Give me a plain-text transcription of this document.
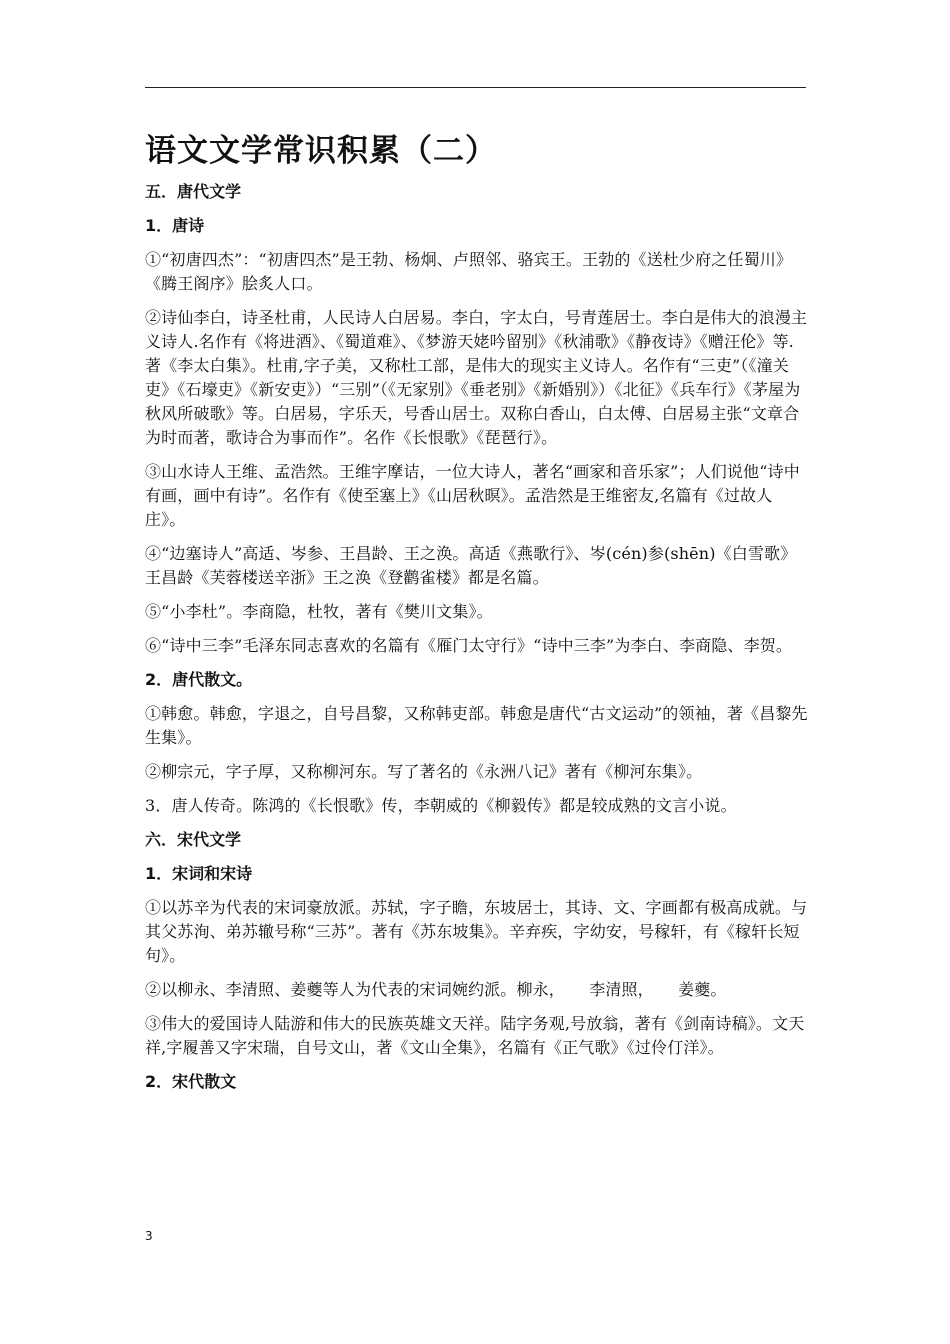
语文文学常识积累（二）
五．唐代文学
1．唐诗
①“初唐四杰”：“初唐四杰”是王勃、杨炯、卢照邻、骆宾王。王勃的《送杜少府之任蜀川》《腾王阁序》脍炙人口。
②诗仙李白，诗圣杜甫，人民诗人白居易。李白，字太白，号青莲居士。李白是伟大的浪漫主义诗人.名作有《将进酒》、《蜀道难》、《梦游天姥吟留别》《秋浦歌》《静夜诗》《赠汪伦》等.著《李太白集》。杜甫,字子美，又称杜工部，是伟大的现实主义诗人。名作有“三吏”（《潼关吏》《石壕吏》《新安吏》）“三别”（《无家别》《垂老别》《新婚别》）《北征》《兵车行》《茅屋为秋风所破歌》等。白居易，字乐天，号香山居士。双称白香山，白太傅、白居易主张“文章合为时而著，歌诗合为事而作”。名作《长恨歌》《琵琶行》。
③山水诗人王维、孟浩然。王维字摩诘，一位大诗人，著名“画家和音乐家”；人们说他“诗中有画，画中有诗”。名作有《使至塞上》《山居秋暝》。孟浩然是王维密友,名篇有《过故人庄》。
④“边塞诗人”高适、岑参、王昌龄、王之涣。高适《燕歌行》、岑(cén)参(shēn)《白雪歌》王昌龄《芙蓉楼送辛浙》王之涣《登鹳雀楼》都是名篇。
⑤“小李杜”。李商隐，杜牧，著有《樊川文集》。
⑥“诗中三李”毛泽东同志喜欢的名篇有《雁门太守行》“诗中三李”为李白、李商隐、李贺。
2．唐代散文。
①韩愈。韩愈，字退之，自号昌黎，又称韩吏部。韩愈是唐代“古文运动”的领袖，著《昌黎先生集》。
②柳宗元，字子厚，又称柳河东。写了著名的《永洲八记》著有《柳河东集》。
3．唐人传奇。陈鸿的《长恨歌》传，李朝威的《柳毅传》都是较成熟的文言小说。
六．宋代文学
1．宋词和宋诗
①以苏辛为代表的宋词豪放派。苏轼，字子瞻，东坡居士，其诗、文、字画都有极高成就。与其父苏洵、弟苏辙号称“三苏”。著有《苏东坡集》。辛弃疾，字幼安，号稼轩，有《稼轩长短句》。
②以柳永、李清照、姜夔等人为代表的宋词婉约派。柳永，　　李清照，　　姜夔。
③伟大的爱国诗人陆游和伟大的民族英雄文天祥。陆字务观,号放翁，著有《剑南诗稿》。文天祥,字履善又字宋瑞，自号文山，著《文山全集》，名篇有《正气歌》《过伶仃洋》。
2．宋代散文
3
